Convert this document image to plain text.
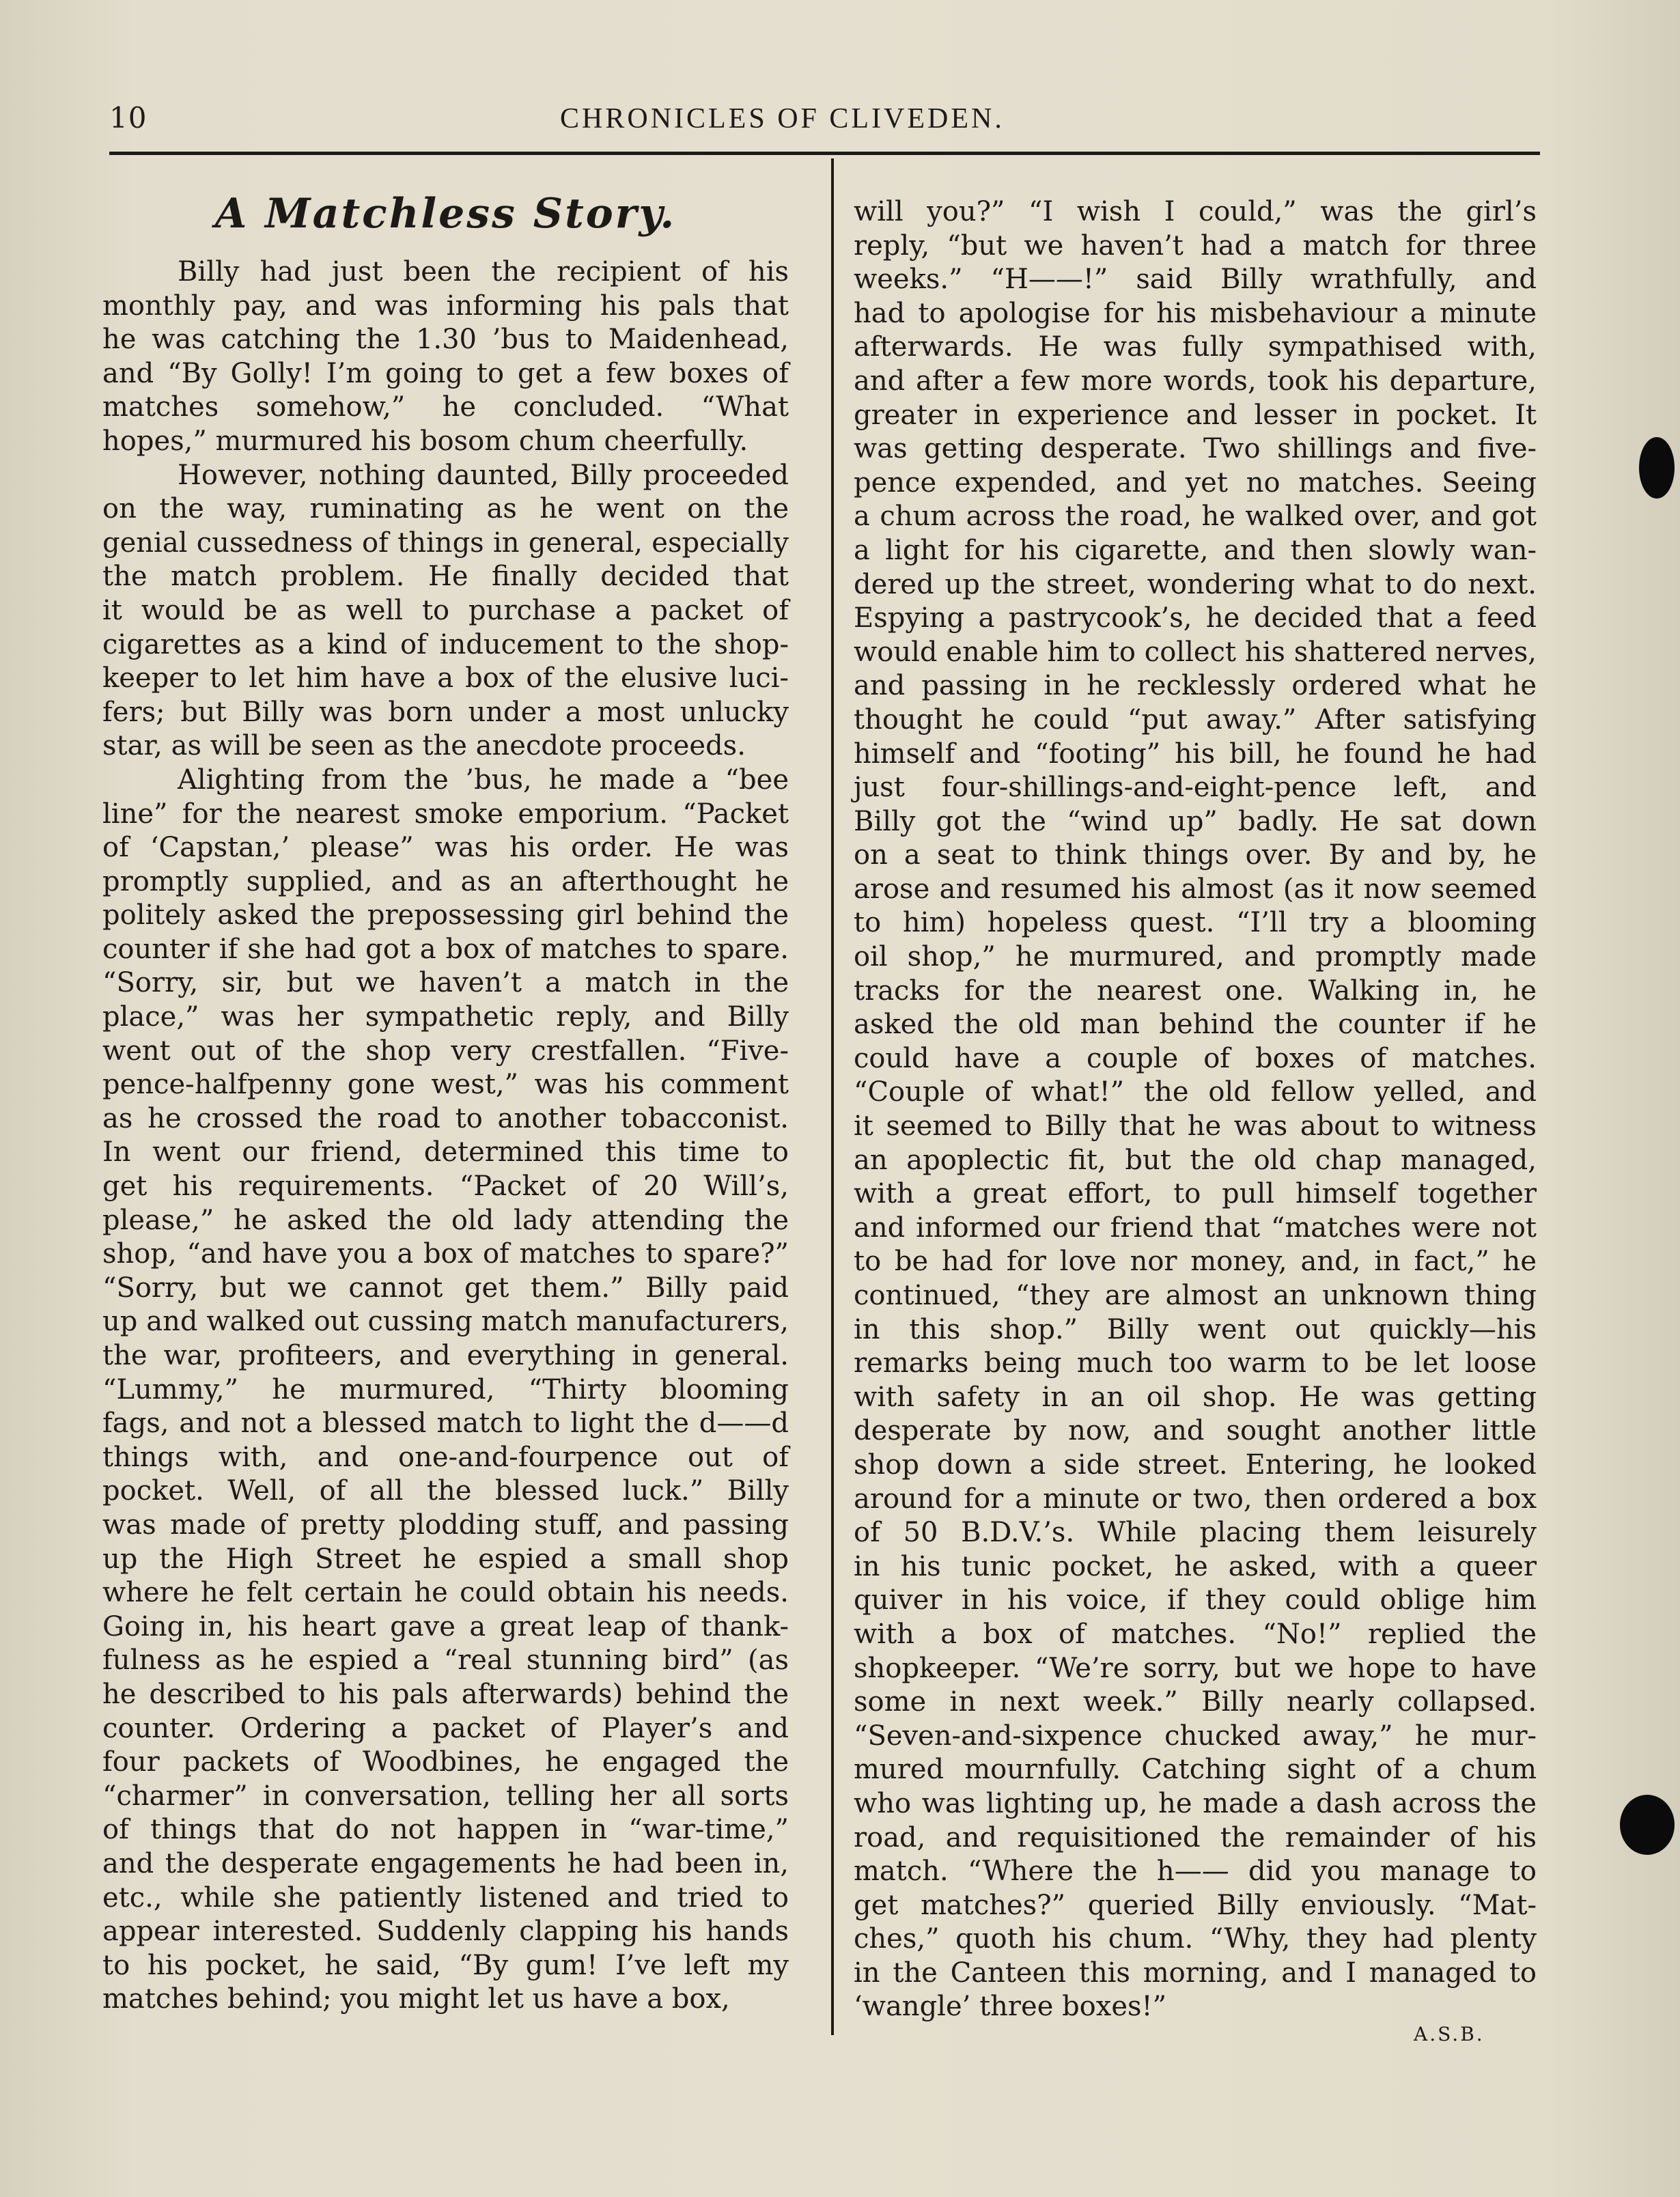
10	CHRONICLES OF CLIVEDEN.
A Matchless Story.
Billy had just been the recipient of his
monthly pay, and was informing his pals that
he was catching the 1.30 ’bus to Maidenhead,
and “By Golly! I’m going to get a few boxes of
matches somehow,” he concluded. “What
hopes,” murmured his bosom chum cheerfully.
However, nothing daunted, Billy proceeded
on the way, ruminating as he went on the
genial cussedness of things in general, especially
the match problem. He finally decided that
it would be as well to purchase a packet of
cigarettes as a kind of inducement to the shop-
keeper to let him have a box of the elusive luci-
fers; but Billy was born under a most unlucky
star, as will be seen as the anecdote proceeds.
Alighting from the ’bus, he made a “bee
line” for the nearest smoke emporium. “Packet
of ‘Capstan,’ please” was his order. He was
promptly supplied, and as an afterthought he
politely asked the prepossessing girl behind the
counter if she had got a box of matches to spare.
“Sorry, sir, but we haven’t a match in the
place,” was her sympathetic reply, and Billy
went out of the shop very crestfallen. “Five-
pence-halfpenny gone west,” was his comment
as he crossed the road to another tobacconist.
In went our friend, determined this time to
get his requirements. “Packet of 20 Will’s,
please,” he asked the old lady attending the
shop, “and have you a box of matches to spare?”
“Sorry, but we cannot get them.” Billy paid
up and walked out cussing match manufacturers,
the war, profiteers, and everything in general.
“Lummy,” he murmured, “Thirty blooming
fags, and not a blessed match to light the d——d
things with, and one-and-fourpence out of
pocket. Well, of all the blessed luck.” Billy
was made of pretty plodding stuff, and passing
up the High Street he espied a small shop
where he felt certain he could obtain his needs.
Going in, his heart gave a great leap of thank-
fulness as he espied a “real stunning bird” (as
he described to his pals afterwards) behind the
counter. Ordering a packet of Player’s and
four packets of Woodbines, he engaged the
“charmer” in conversation, telling her all sorts
of things that do not happen in “war-time,”
and the desperate engagements he had been in,
etc., while she patiently listened and tried to
appear interested. Suddenly clapping his hands
to his pocket, he said, “By gum! I’ve left my
matches behind; you might let us have a box,
will you?” “I wish I could,” was the girl’s
reply, “but we haven’t had a match for three
weeks.” “H——!” said Billy wrathfully, and
had to apologise for his misbehaviour a minute
afterwards. He was fully sympathised with,
and after a few more words, took his departure,
greater in experience and lesser in pocket. It
was getting desperate. Two shillings and five-
pence expended, and yet no matches. Seeing
a chum across the road, he walked over, and got
a light for his cigarette, and then slowly wan-
dered up the street, wondering what to do next.
Espying a pastrycook’s, he decided that a feed
would enable him to collect his shattered nerves,
and passing in he recklessly ordered what he
thought he could “put away.” After satisfying
himself and “footing” his bill, he found he had
just four-shillings-and-eight-pence left, and
Billy got the “wind up” badly. He sat down
on a seat to think things over. By and by, he
arose and resumed his almost (as it now seemed
to him) hopeless quest. “I’ll try a blooming
oil shop,” he murmured, and promptly made
tracks for the nearest one. Walking in, he
asked the old man behind the counter if he
could have a couple of boxes of matches.
“Couple of what!” the old fellow yelled, and
it seemed to Billy that he was about to witness
an apoplectic fit, but the old chap managed,
with a great effort, to pull himself together
and informed our friend that “matches were not
to be had for love nor money, and, in fact,” he
continued, “they are almost an unknown thing
in this shop.” Billy went out quickly—his
remarks being much too warm to be let loose
with safety in an oil shop. He was getting
desperate by now, and sought another little
shop down a side street. Entering, he looked
around for a minute or two, then ordered a box
of 50 B.D.V.’s. While placing them leisurely
in his tunic pocket, he asked, with a queer
quiver in his voice, if they could oblige him
with a box of matches. “No!” replied the
shopkeeper. “We’re sorry, but we hope to have
some in next week.” Billy nearly collapsed.
“Seven-and-sixpence chucked away,” he mur-
mured mournfully. Catching sight of a chum
who was lighting up, he made a dash across the
road, and requisitioned the remainder of his
match. “Where the h—— did you manage to
get matches?” queried Billy enviously. “Mat-
ches,” quoth his chum. “Why, they had plenty
in the Canteen this morning, and I managed to
‘wangle’ three boxes!”
A.S.B.
